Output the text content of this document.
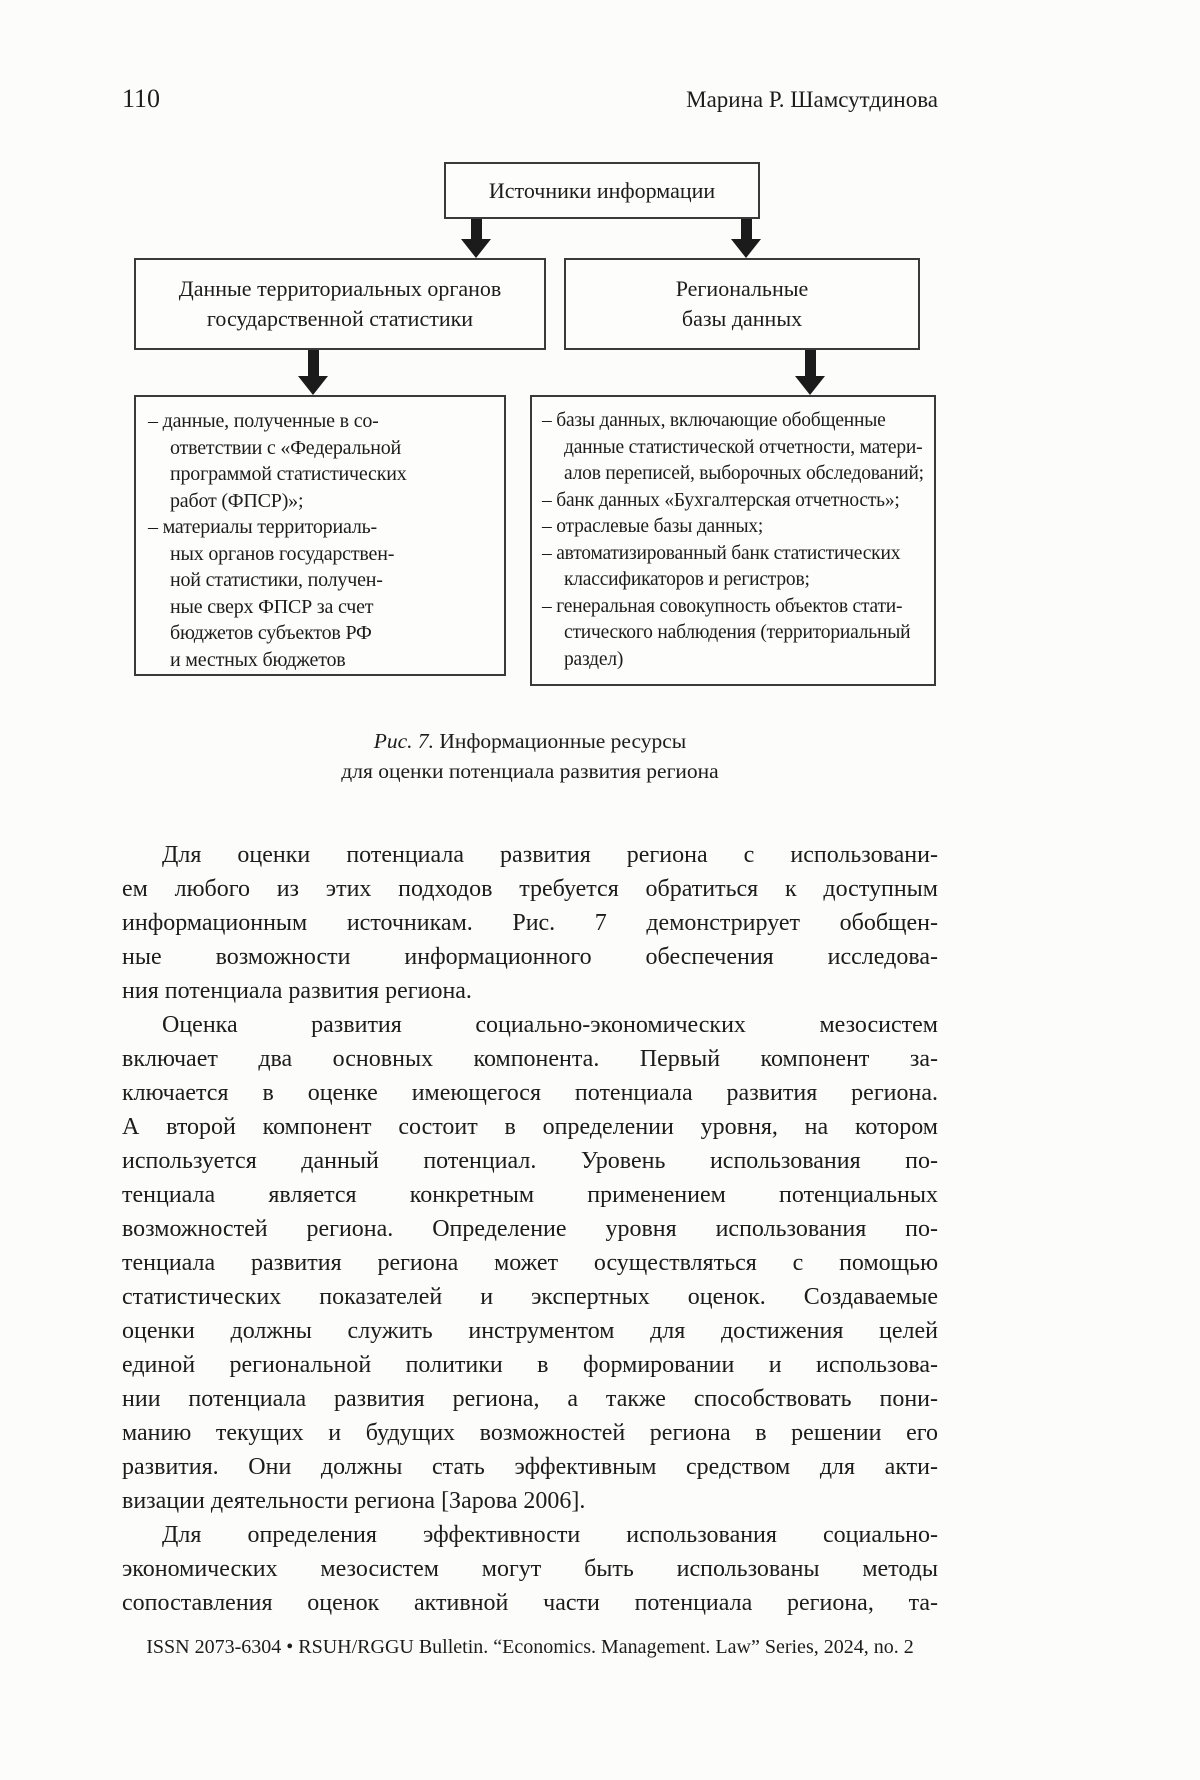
110	Марина Р. Шамсутдинова
Источники информации
Данные территориальных органов
государственной статистики
Региональные
базы данных
– данные, полученные в со-
ответствии с «Федеральной
программой статистических
работ (ФПСР)»;
– материалы территориаль-
ных органов государствен-
ной статистики, получен-
ные сверх ФПСР за счет
бюджетов субъектов РФ
и местных бюджетов
– базы данных, включающие обобщенные
данные статистической отчетности, матери-
алов переписей, выборочных обследований;
– банк данных «Бухгалтерская отчетность»;
– отраслевые базы данных;
– автоматизированный банк статистических
классификаторов и регистров;
– генеральная совокупность объектов стати-
стического наблюдения (территориальный
раздел)
Рис. 7. Информационные ресурсы
для оценки потенциала развития региона
Для оценки потенциала развития региона с использовани-
ем любого из этих подходов требуется обратиться к доступным
информационным источникам. Рис. 7 демонстрирует обобщен-
ные возможности информационного обеспечения исследова-
ния потенциала развития региона.
Оценка развития социально-экономических мезосистем
включает два основных компонента. Первый компонент за-
ключается в оценке имеющегося потенциала развития региона.
А второй компонент состоит в определении уровня, на котором
используется данный потенциал. Уровень использования по-
тенциала является конкретным применением потенциальных
возможностей региона. Определение уровня использования по-
тенциала развития региона может осуществляться с помощью
статистических показателей и экспертных оценок. Создаваемые
оценки должны служить инструментом для достижения целей
единой региональной политики в формировании и использова-
нии потенциала развития региона, а также способствовать пони-
манию текущих и будущих возможностей региона в решении его
развития. Они должны стать эффективным средством для акти-
визации деятельности региона [Зарова 2006].
Для определения эффективности использования социально-
экономических мезосистем могут быть использованы методы
сопоставления оценок активной части потенциала региона, та-
ISSN 2073-6304 • RSUH/RGGU Bulletin. “Economics. Management. Law” Series, 2024, no. 2
